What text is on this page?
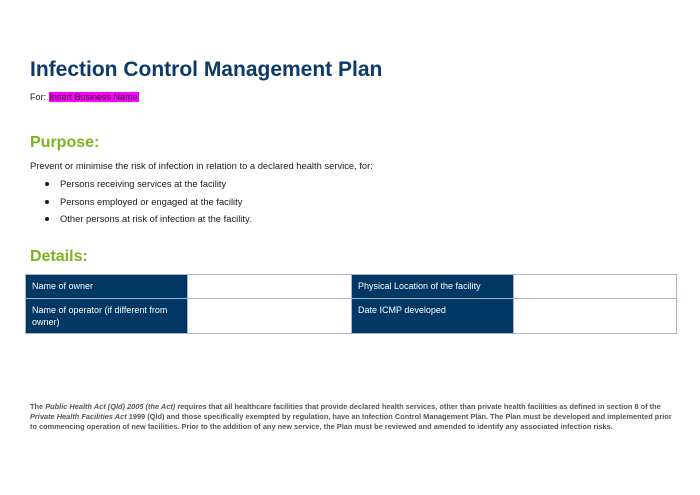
Infection Control Management Plan
For: Insert Business Name
Purpose:
Prevent or minimise the risk of infection in relation to a declared health service, for:
Persons receiving services at the facility
Persons employed or engaged at the facility
Other persons at risk of infection at the facility.
Details:
Name of owner		Physical Location of the facility	
Name of operator (if different from owner)		Date ICMP developed	
The Public Health Act (Qld) 2005 (the Act) requires that all healthcare facilities that provide declared health services, other than private health facilities as defined in section 8 of the Private Health Facilities Act 1999 (Qld) and those specifically exempted by regulation, have an Infection Control Management Plan. The Plan must be developed and implemented prior to commencing operation of new facilities. Prior to the addition of any new service, the Plan must be reviewed and amended to identify any associated infection risks.
